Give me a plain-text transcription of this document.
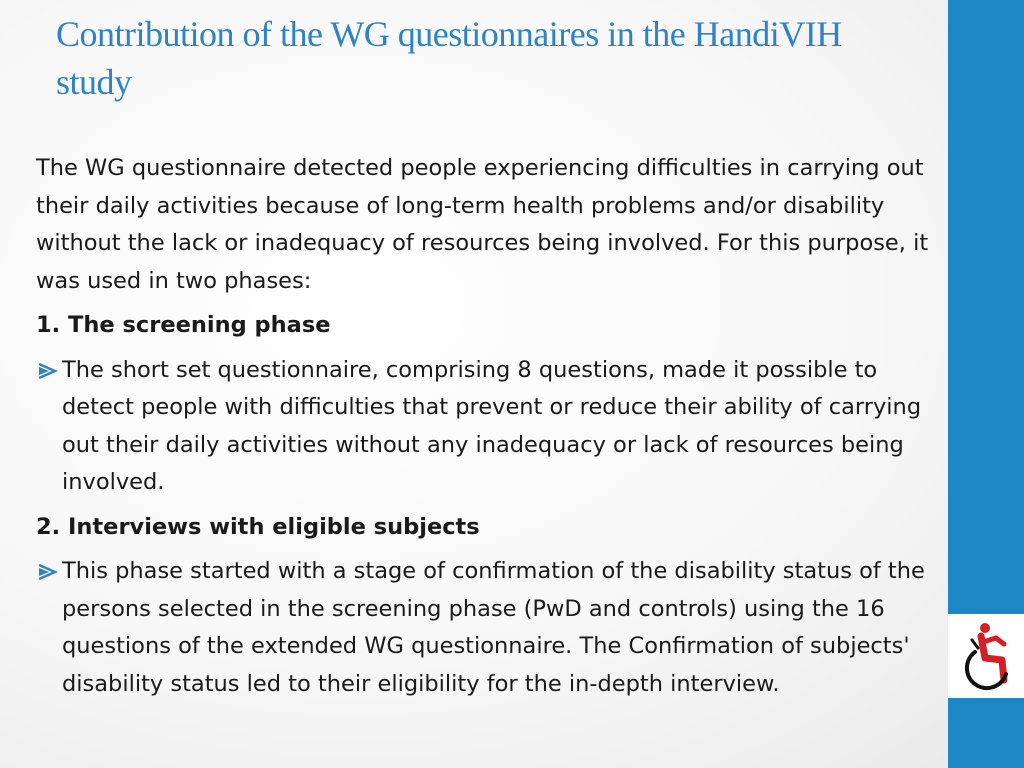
Contribution of the WG questionnaires in the HandiVIH study

The WG questionnaire detected people experiencing difficulties in carrying out their daily activities because of long-term health problems and/or disability without the lack or inadequacy of resources being involved. For this purpose, it was used in two phases:

1. The screening phase

The short set questionnaire, comprising 8 questions, made it possible to detect people with difficulties that prevent or reduce their ability of carrying out their daily activities without any inadequacy or lack of resources being involved.

2. Interviews with eligible subjects

This phase started with a stage of confirmation of the disability status of the persons selected in the screening phase (PwD and controls) using the 16 questions of the extended WG questionnaire. The Confirmation of subjects' disability status led to their eligibility for the in-depth interview.
